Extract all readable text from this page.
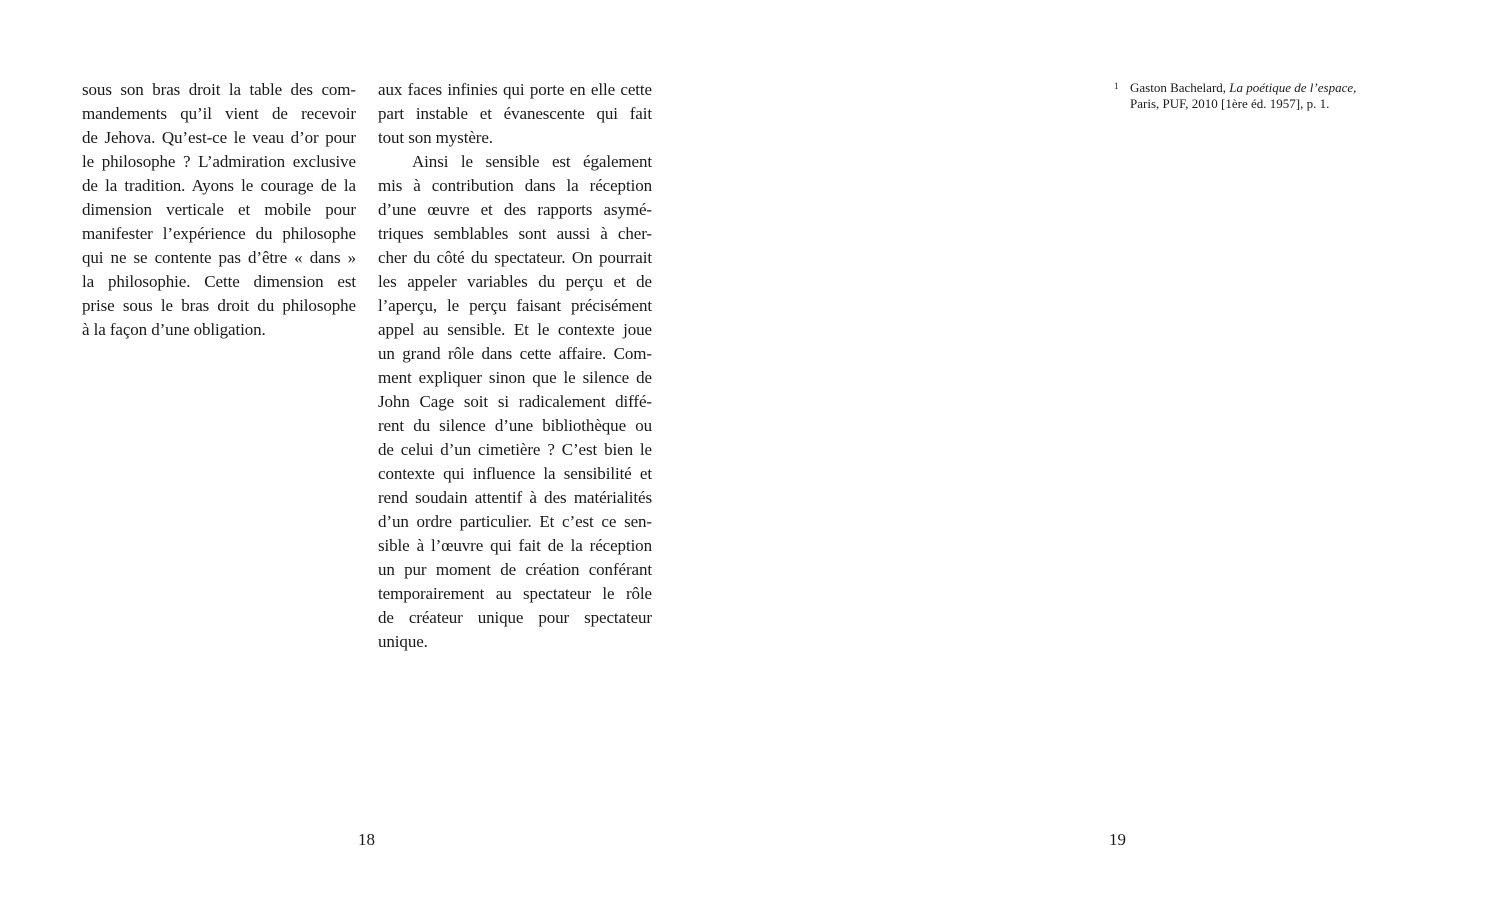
sous son bras droit la table des com-
mandements qu’il vient de recevoir
de Jehova. Qu’est-ce le veau d’or pour
le philosophe ? L’admiration exclusive
de la tradition. Ayons le courage de la
dimension verticale et mobile pour
manifester l’expérience du philosophe
qui ne se contente pas d’être « dans »
la philosophie. Cette dimension est
prise sous le bras droit du philosophe
à la façon d’une obligation.
aux faces infinies qui porte en elle cette
part instable et évanescente qui fait
tout son mystère.
Ainsi le sensible est également
mis à contribution dans la réception
d’une œuvre et des rapports asymé-
triques semblables sont aussi à cher-
cher du côté du spectateur. On pourrait
les appeler variables du perçu et de
l’aperçu, le perçu faisant précisément
appel au sensible. Et le contexte joue
un grand rôle dans cette affaire. Com-
ment expliquer sinon que le silence de
John Cage soit si radicalement diffé-
rent du silence d’une bibliothèque ou
de celui d’un cimetière ? C’est bien le
contexte qui influence la sensibilité et
rend soudain attentif à des matérialités
d’un ordre particulier. Et c’est ce sen-
sible à l’œuvre qui fait de la réception
un pur moment de création conférant
temporairement au spectateur le rôle
de créateur unique pour spectateur
unique.
18
1 Gaston Bachelard, La poétique de l’espace,
Paris, PUF, 2010 [1ère éd. 1957], p. 1.
19
